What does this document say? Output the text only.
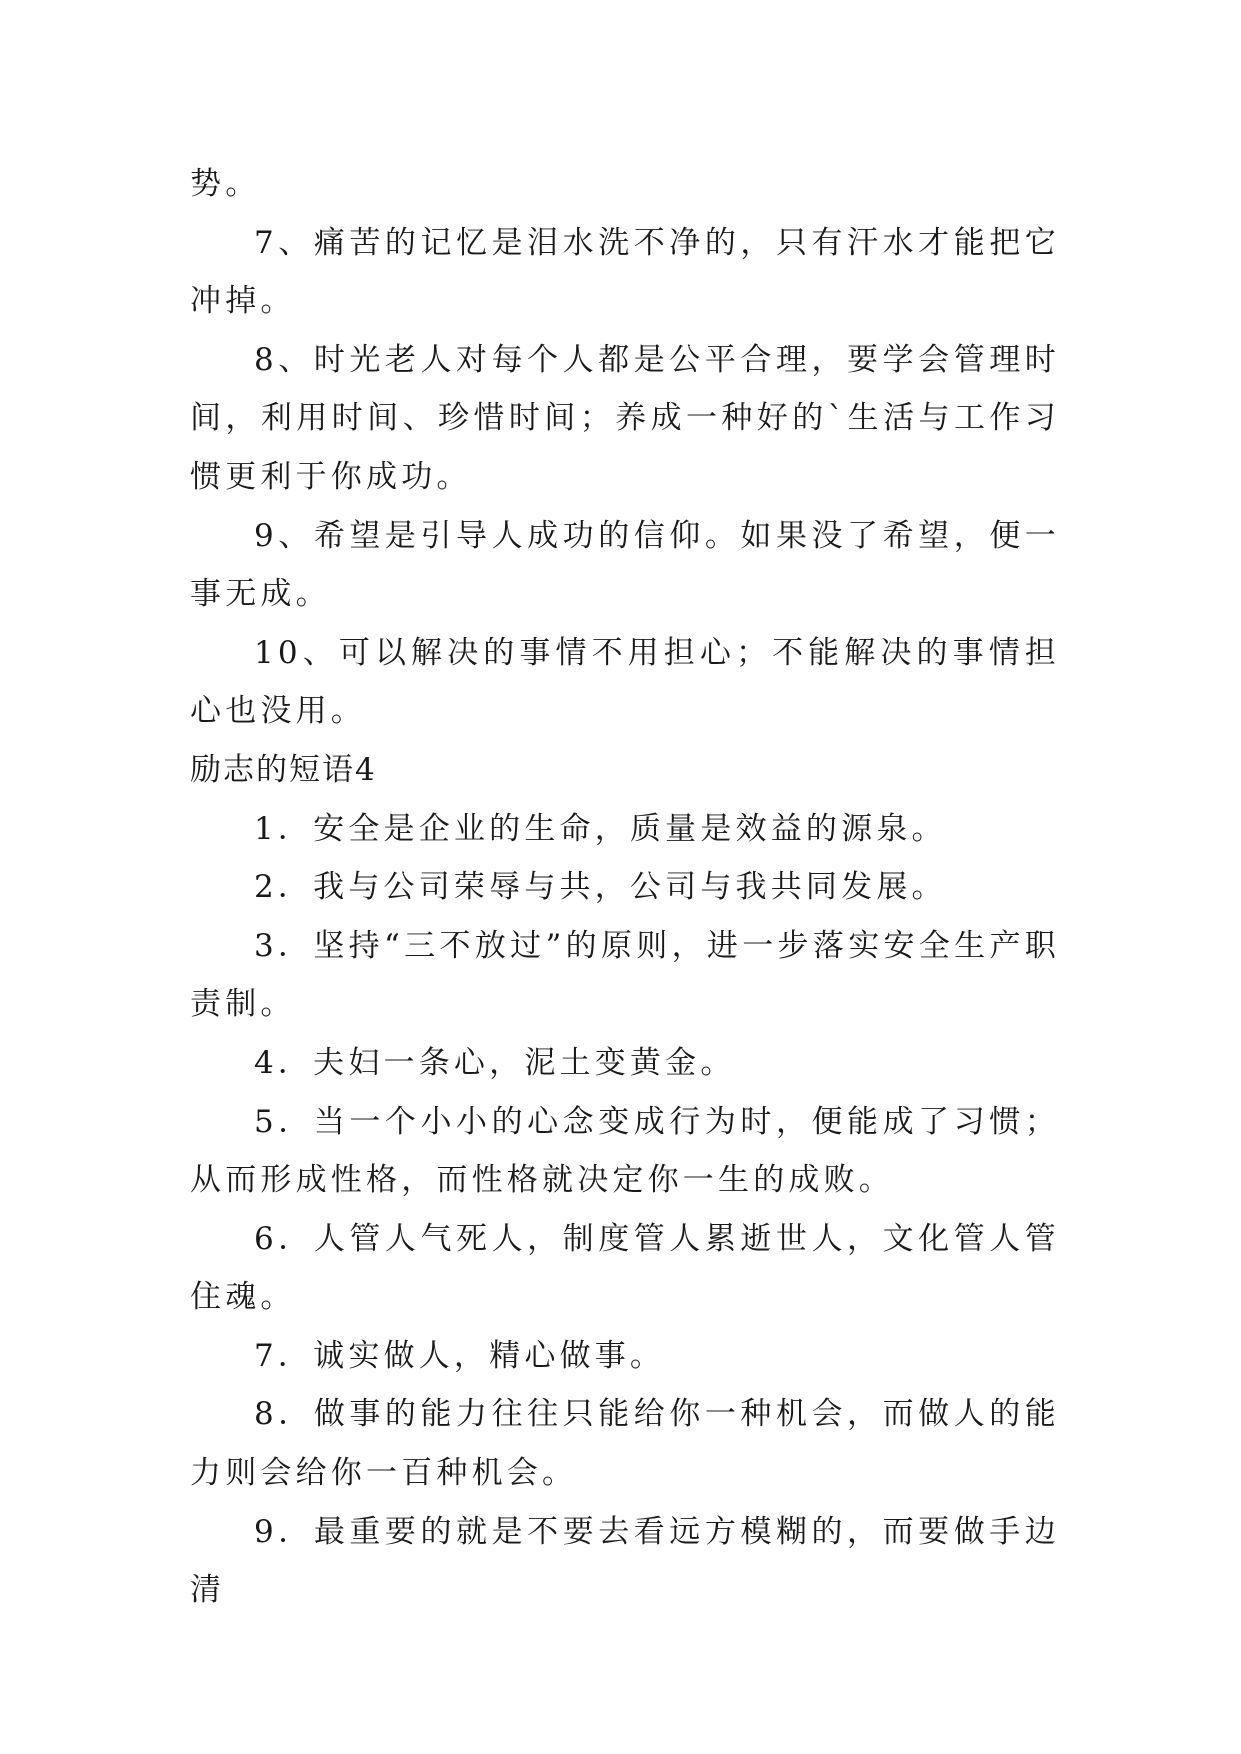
势。

7、痛苦的记忆是泪水洗不净的，只有汗水才能把它冲掉。

8、时光老人对每个人都是公平合理，要学会管理时间，利用时间、珍惜时间；养成一种好的`生活与工作习惯更利于你成功。

9、希望是引导人成功的信仰。如果没了希望，便一事无成。

10、可以解决的事情不用担心；不能解决的事情担心也没用。

励志的短语4

1．安全是企业的生命，质量是效益的源泉。

2．我与公司荣辱与共，公司与我共同发展。

3．坚持“三不放过”的原则，进一步落实安全生产职责制。

4．夫妇一条心，泥土变黄金。

5．当一个小小的心念变成行为时，便能成了习惯；从而形成性格，而性格就决定你一生的成败。

6．人管人气死人，制度管人累逝世人，文化管人管住魂。

7．诚实做人，精心做事。

8．做事的能力往往只能给你一种机会，而做人的能力则会给你一百种机会。

9．最重要的就是不要去看远方模糊的，而要做手边清
